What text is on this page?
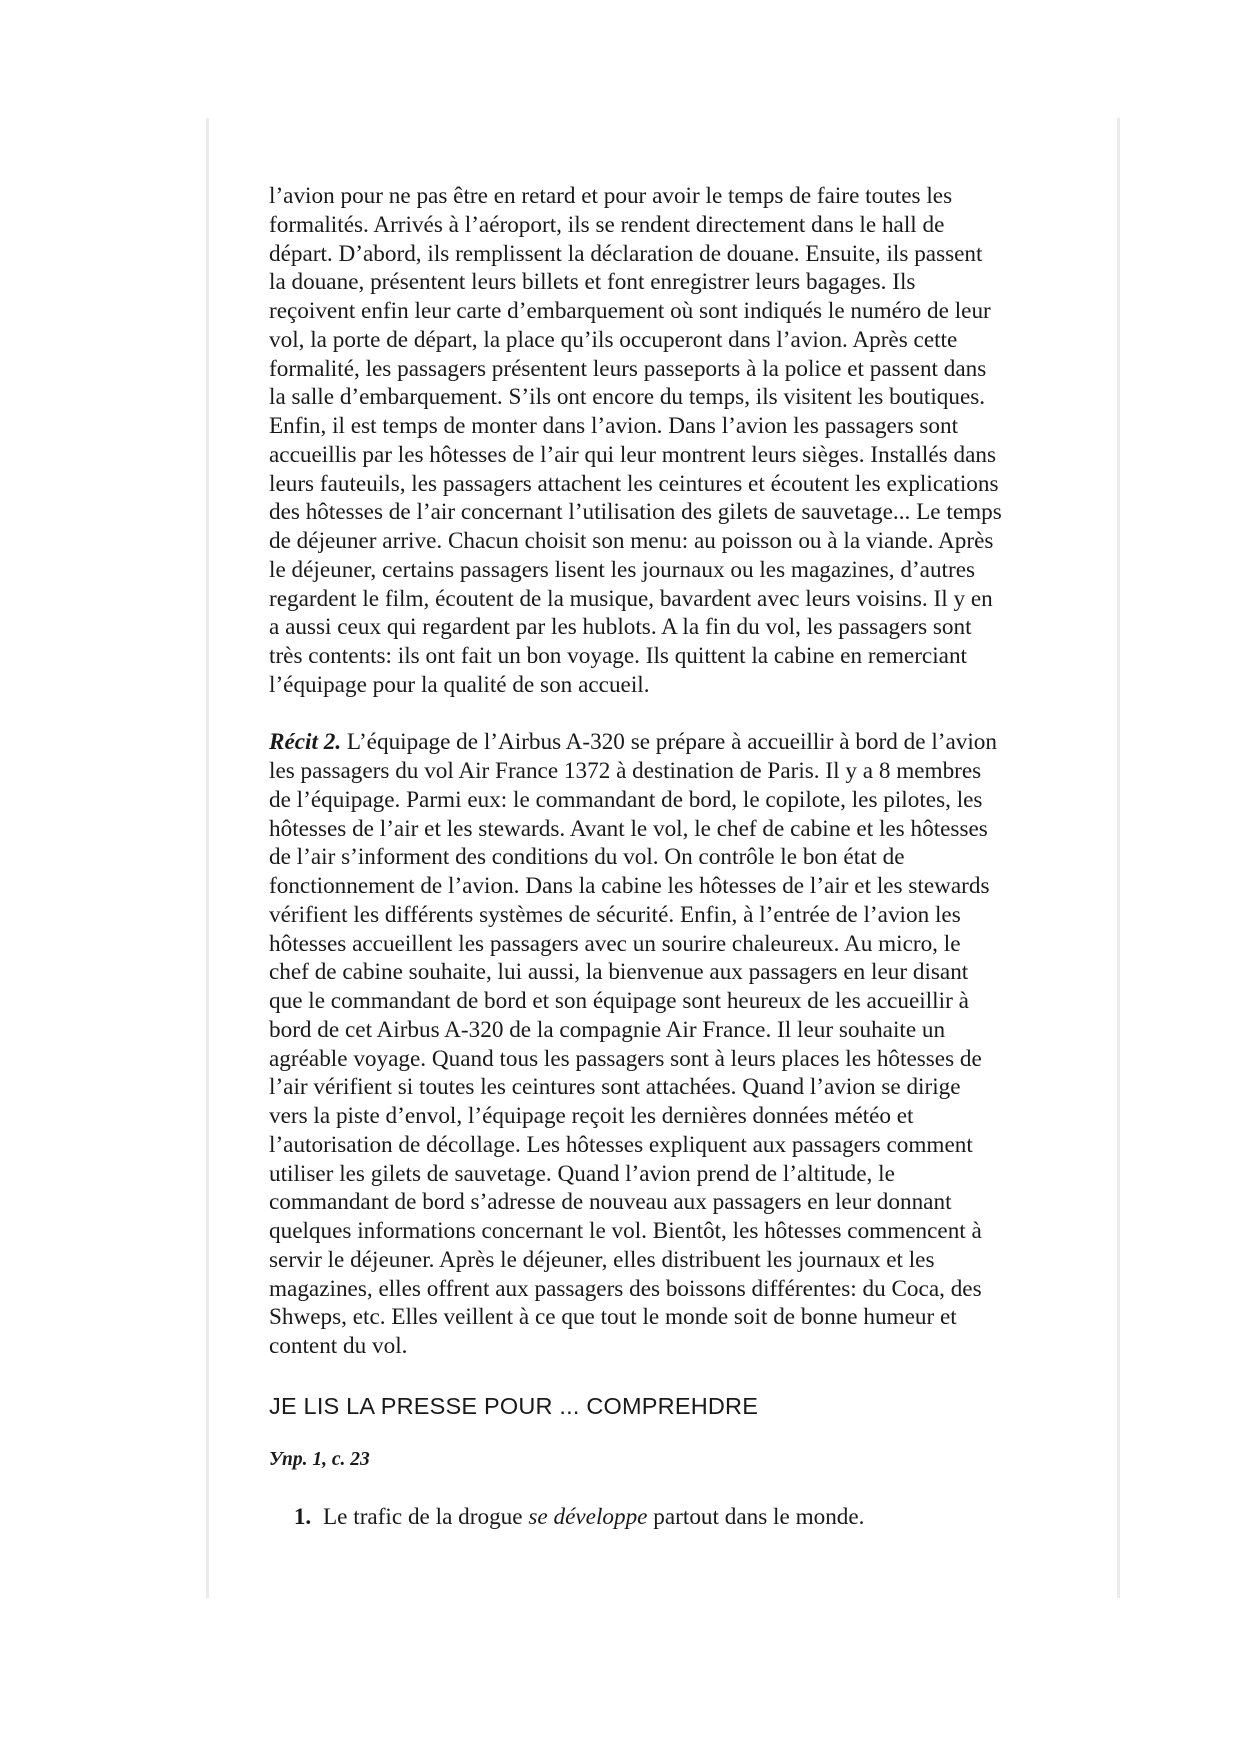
l’avion pour ne pas être en retard et pour avoir le temps de faire toutes les
formalités. Arrivés à l’aéroport, ils se rendent directement dans le hall de
départ. D’abord, ils remplissent la déclaration de douane. Ensuite, ils passent
la douane, présentent leurs billets et font enregistrer leurs bagages. Ils
reçoivent enfin leur carte d’embarquement où sont indiqués le numéro de leur
vol, la porte de départ, la place qu’ils occuperont dans l’avion. Après cette
formalité, les passagers présentent leurs passeports à la police et passent dans
la salle d’embarquement. S’ils ont encore du temps, ils visitent les boutiques.
Enfin, il est temps de monter dans l’avion. Dans l’avion les passagers sont
accueillis par les hôtesses de l’air qui leur montrent leurs sièges. Installés dans
leurs fauteuils, les passagers attachent les ceintures et écoutent les explications
des hôtesses de l’air concernant l’utilisation des gilets de sauvetage... Le temps
de déjeuner arrive. Chacun choisit son menu: au poisson ou à la viande. Après
le déjeuner, certains passagers lisent les journaux ou les magazines, d’autres
regardent le film, écoutent de la musique, bavardent avec leurs voisins. Il y en
a aussi ceux qui regardent par les hublots. A la fin du vol, les passagers sont
très contents: ils ont fait un bon voyage. Ils quittent la cabine en remerciant
l’équipage pour la qualité de son accueil.

Récit 2. L’équipage de l’Airbus A-320 se prépare à accueillir à bord de l’avion
les passagers du vol Air France 1372 à destination de Paris. Il y a 8 membres
de l’équipage. Parmi eux: le commandant de bord, le copilote, les pilotes, les
hôtesses de l’air et les stewards. Avant le vol, le chef de cabine et les hôtesses
de l’air s’informent des conditions du vol. On contrôle le bon état de
fonctionnement de l’avion. Dans la cabine les hôtesses de l’air et les stewards
vérifient les différents systèmes de sécurité. Enfin, à l’entrée de l’avion les
hôtesses accueillent les passagers avec un sourire chaleureux. Au micro, le
chef de cabine souhaite, lui aussi, la bienvenue aux passagers en leur disant
que le commandant de bord et son équipage sont heureux de les accueillir à
bord de cet Airbus A-320 de la compagnie Air France. Il leur souhaite un
agréable voyage. Quand tous les passagers sont à leurs places les hôtesses de
l’air vérifient si toutes les ceintures sont attachées. Quand l’avion se dirige
vers la piste d’envol, l’équipage reçoit les dernières données météo et
l’autorisation de décollage. Les hôtesses expliquent aux passagers comment
utiliser les gilets de sauvetage. Quand l’avion prend de l’altitude, le
commandant de bord s’adresse de nouveau aux passagers en leur donnant
quelques informations concernant le vol. Bientôt, les hôtesses commencent à
servir le déjeuner. Après le déjeuner, elles distribuent les journaux et les
magazines, elles offrent aux passagers des boissons différentes: du Coca, des
Shweps, etc. Elles veillent à ce que tout le monde soit de bonne humeur et
content du vol.

JE LIS LA PRESSE POUR ... COMPREHDRE

Упр. 1, с. 23

1. Le trafic de la drogue se développe partout dans le monde.
